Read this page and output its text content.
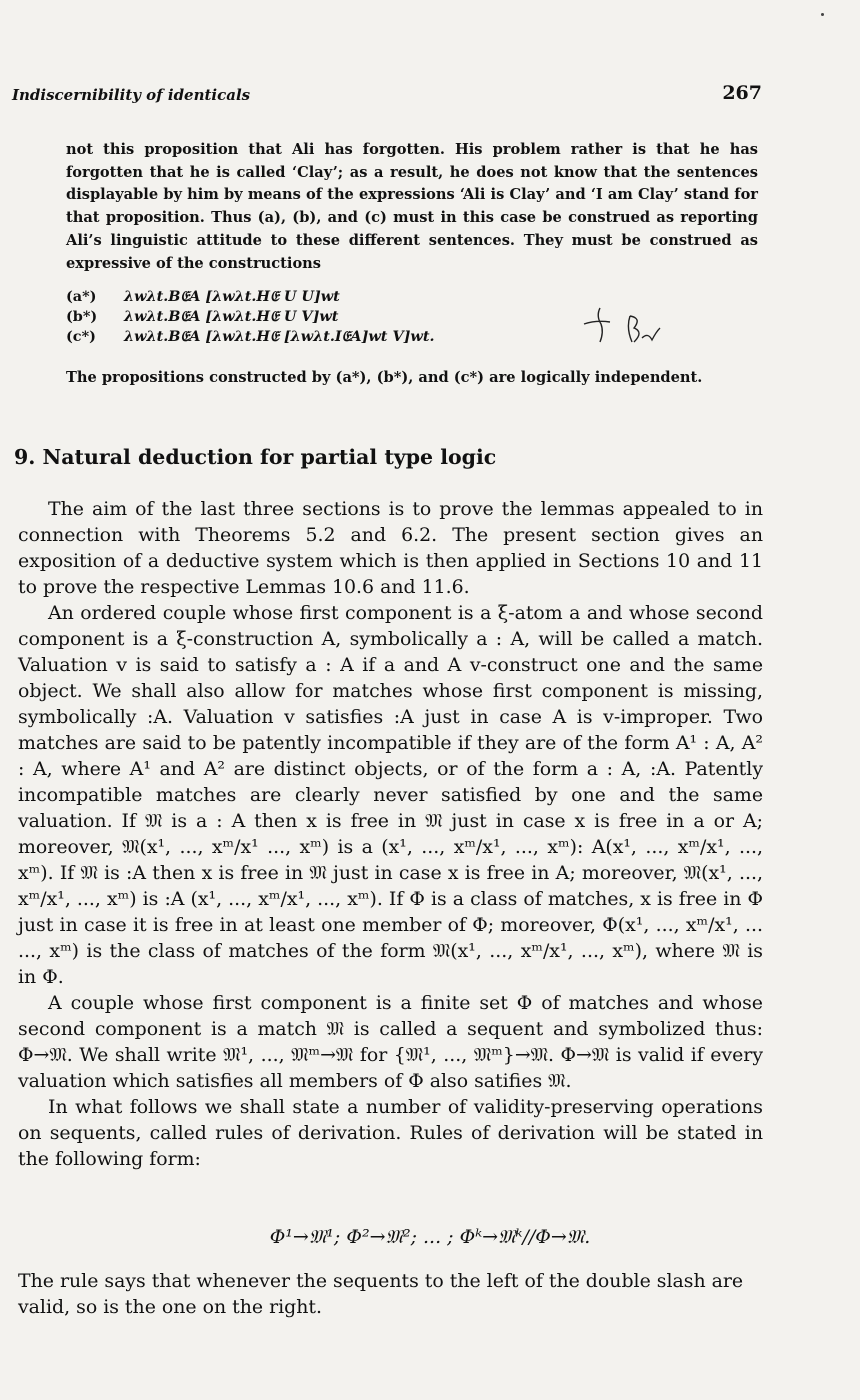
Indiscernibility of identicals	267

not this proposition that Ali has forgotten. His problem rather is that he has forgotten that he is called ‘Clay’; as a result, he does not know that the sentences displayable by him by means of the expressions ‘Ali is Clay’ and ‘I am Clay’ stand for that proposition. Thus (a), (b), and (c) must in this case be construed as reporting Ali’s linguistic attitude to these different sentences. They must be construed as expressive of the constructions

(a*)	λwλt.B𝔈A [λwλt.H𝔈 U U]wt
(b*)	λwλt.B𝔈A [λwλt.H𝔈 U V]wt
(c*)	λwλt.B𝔈A [λwλt.H𝔈 [λwλt.I𝔈A]wt V]wt.
The propositions constructed by (a*), (b*), and (c*) are logically independent.
9. Natural deduction for partial type logic

The aim of the last three sections is to prove the lemmas appealed to in connection with Theorems 5.2 and 6.2. The present section gives an exposition of a deductive system which is then applied in Sections 10 and 11 to prove the respective Lemmas 10.6 and 11.6.

An ordered couple whose first component is a ξ-atom a and whose second component is a ξ-construction A, symbolically a : A, will be called a match. Valuation v is said to satisfy a : A if a and A v-construct one and the same object. We shall also allow for matches whose first component is missing, symbolically :A. Valuation v satisfies :A just in case A is v-improper. Two matches are said to be patently incompatible if they are of the form A¹ : A, A² : A, where A¹ and A² are distinct objects, or of the form a : A, :A. Patently incompatible matches are clearly never satisfied by one and the same valuation. If 𝔐 is a : A then x is free in 𝔐 just in case x is free in a or A; moreover, 𝔐(x¹, ..., xᵐ/x¹ ..., xᵐ) is a (x¹, ..., xᵐ/x¹, ..., xᵐ): A(x¹, ..., xᵐ/x¹, ..., xᵐ). If 𝔐 is :A then x is free in 𝔐 just in case x is free in A; moreover, 𝔐(x¹, ..., xᵐ/x¹, ..., xᵐ) is :A (x¹, ..., xᵐ/x¹, ..., xᵐ). If Φ is a class of matches, x is free in Φ just in case it is free in at least one member of Φ; moreover, Φ(x¹, ..., xᵐ/x¹, ... ..., xᵐ) is the class of matches of the form 𝔐(x¹, ..., xᵐ/x¹, ..., xᵐ), where 𝔐 is in Φ.

A couple whose first component is a finite set Φ of matches and whose second component is a match 𝔐 is called a sequent and symbolized thus: Φ→𝔐. We shall write 𝔐¹, ..., 𝔐ᵐ→𝔐 for {𝔐¹, ..., 𝔐ᵐ}→𝔐. Φ→𝔐 is valid if every valuation which satisfies all members of Φ also satifies 𝔐.

In what follows we shall state a number of validity-preserving operations on sequents, called rules of derivation. Rules of derivation will be stated in the following form:

Φ¹→𝔐¹; Φ²→𝔐²; ... ; Φᵏ→𝔐ᵏ//Φ→𝔐.
The rule says that whenever the sequents to the left of the double slash are valid, so is the one on the right.
